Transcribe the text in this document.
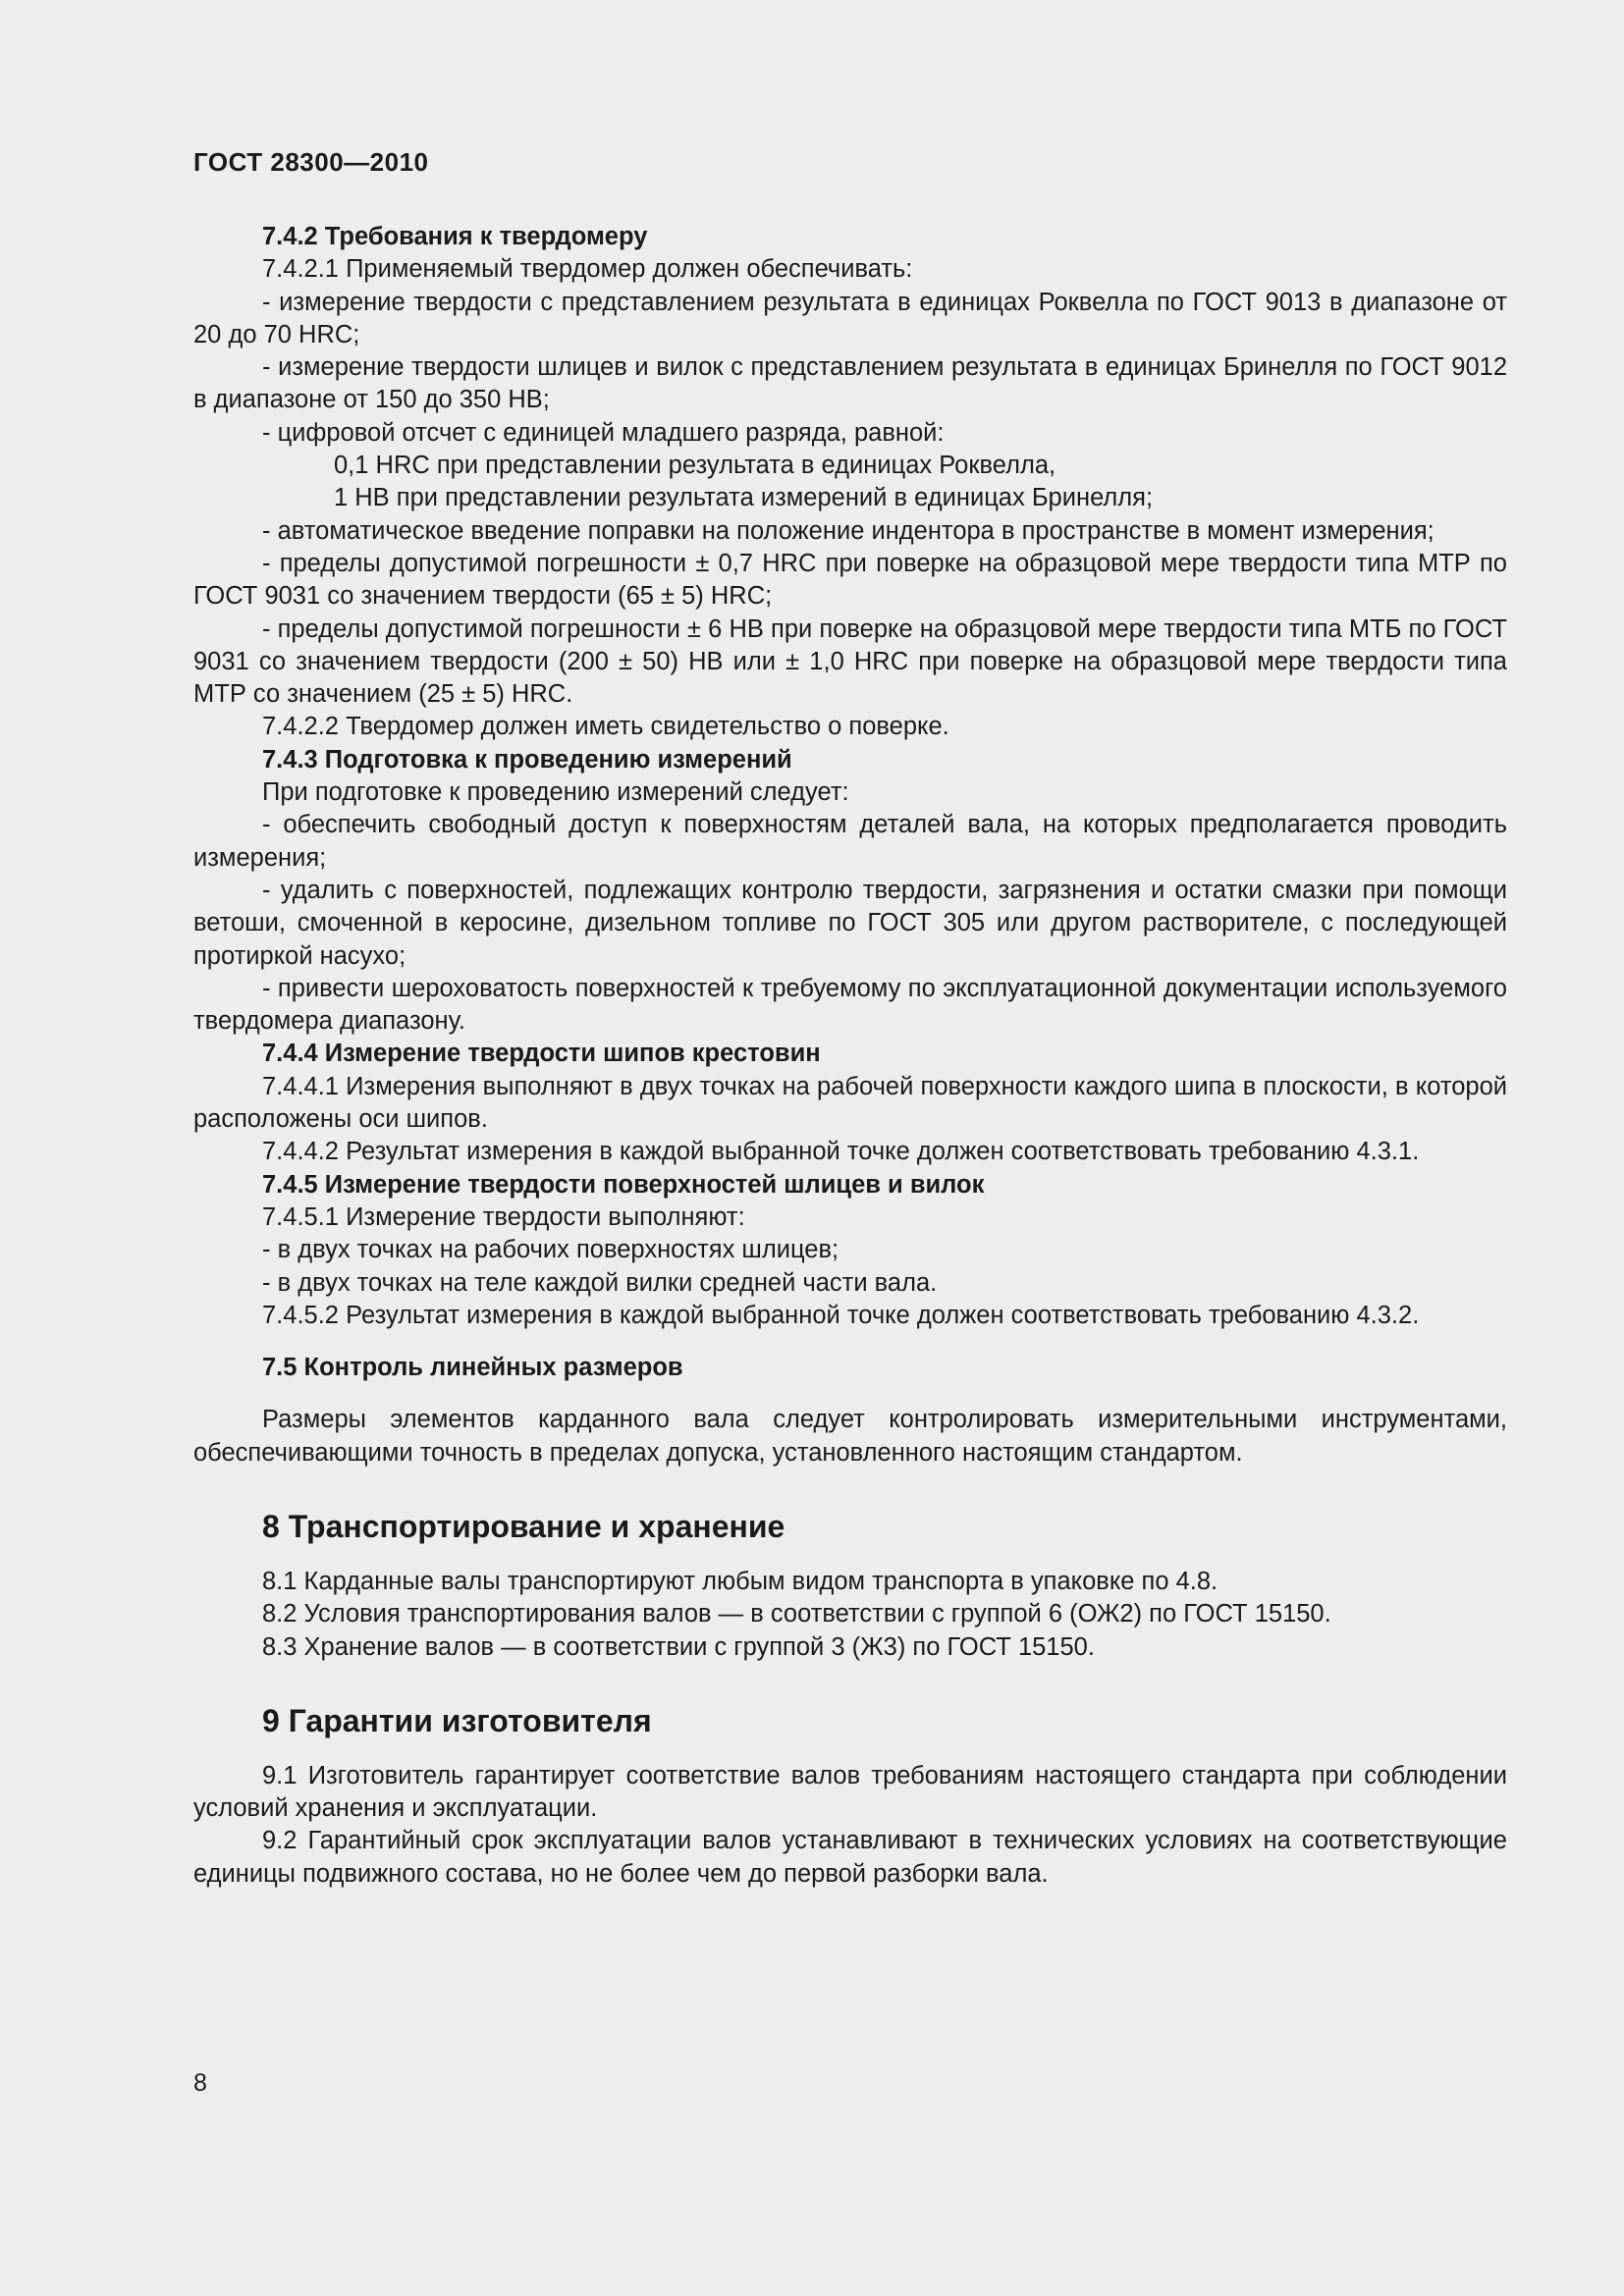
ГОСТ 28300—2010

7.4.2 Требования к твердомеру

7.4.2.1 Применяемый твердомер должен обеспечивать:

- измерение твердости с представлением результата в единицах Роквелла по ГОСТ 9013 в диапазоне от 20 до 70 HRC;

- измерение твердости шлицев и вилок с представлением результата в единицах Бринелля по ГОСТ 9012 в диапазоне от 150 до 350 НВ;

- цифровой отсчет с единицей младшего разряда, равной:

0,1 HRC при представлении результата в единицах Роквелла,

1 НВ при представлении результата измерений в единицах Бринелля;

- автоматическое введение поправки на положение индентора в пространстве в момент измерения;

- пределы допустимой погрешности ± 0,7 HRC при поверке на образцовой мере твердости типа МТР по ГОСТ 9031 со значением твердости (65 ± 5) HRC;

- пределы допустимой погрешности ± 6 НВ при поверке на образцовой мере твердости типа МТБ по ГОСТ 9031 со значением твердости (200 ± 50) НВ или ± 1,0 HRC при поверке на образцовой мере твердости типа МТР со значением (25 ± 5) HRC.

7.4.2.2 Твердомер должен иметь свидетельство о поверке.

7.4.3 Подготовка к проведению измерений

При подготовке к проведению измерений следует:

- обеспечить свободный доступ к поверхностям деталей вала, на которых предполагается проводить измерения;

- удалить с поверхностей, подлежащих контролю твердости, загрязнения и остатки смазки при помощи ветоши, смоченной в керосине, дизельном топливе по ГОСТ 305 или другом растворителе, с последующей протиркой насухо;

- привести шероховатость поверхностей к требуемому по эксплуатационной документации используемого твердомера диапазону.

7.4.4 Измерение твердости шипов крестовин

7.4.4.1 Измерения выполняют в двух точках на рабочей поверхности каждого шипа в плоскости, в которой расположены оси шипов.

7.4.4.2 Результат измерения в каждой выбранной точке должен соответствовать требованию 4.3.1.

7.4.5 Измерение твердости поверхностей шлицев и вилок

7.4.5.1 Измерение твердости выполняют:

- в двух точках на рабочих поверхностях шлицев;

- в двух точках на теле каждой вилки средней части вала.

7.4.5.2 Результат измерения в каждой выбранной точке должен соответствовать требованию 4.3.2.

7.5 Контроль линейных размеров

Размеры элементов карданного вала следует контролировать измерительными инструментами, обеспечивающими точность в пределах допуска, установленного настоящим стандартом.

8 Транспортирование и хранение

8.1 Карданные валы транспортируют любым видом транспорта в упаковке по 4.8.

8.2 Условия транспортирования валов — в соответствии с группой 6 (ОЖ2) по ГОСТ 15150.

8.3 Хранение валов — в соответствии с группой 3 (Ж3) по ГОСТ 15150.

9 Гарантии изготовителя

9.1 Изготовитель гарантирует соответствие валов требованиям настоящего стандарта при соблюдении условий хранения и эксплуатации.

9.2 Гарантийный срок эксплуатации валов устанавливают в технических условиях на соответствующие единицы подвижного состава, но не более чем до первой разборки вала.

8
